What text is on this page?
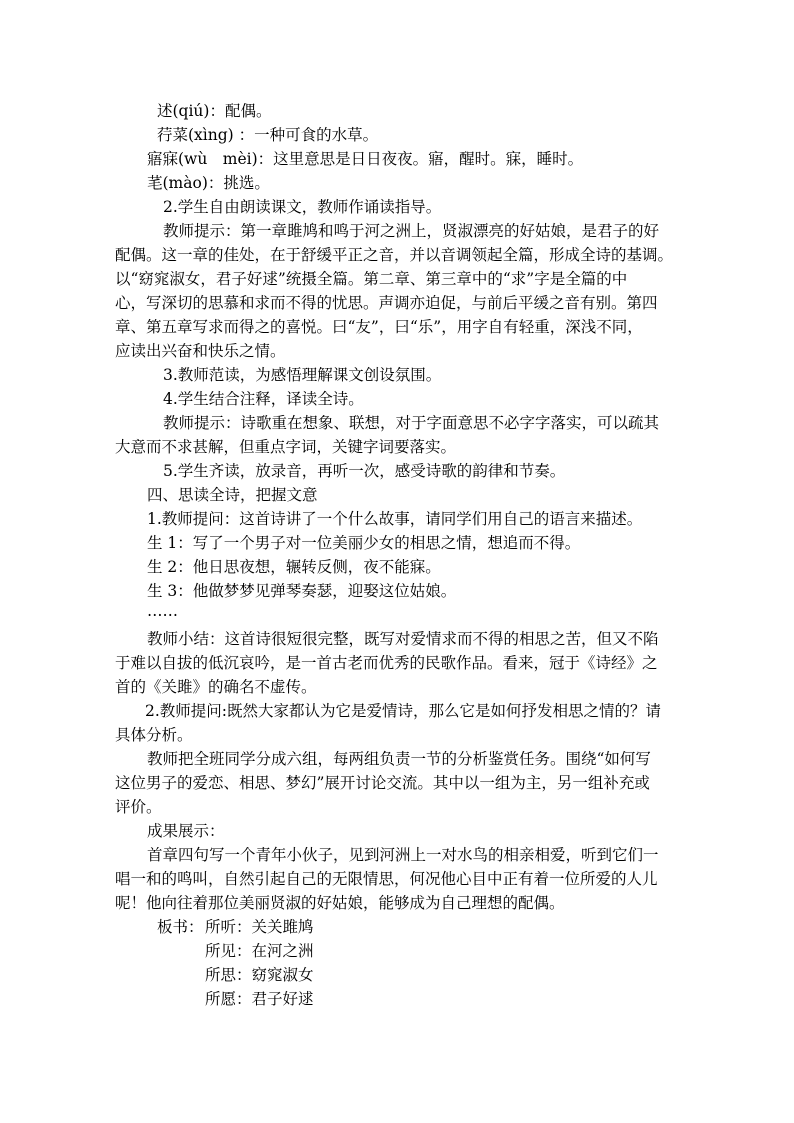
述(qiú)：配偶。
荇菜(xìng) ：一种可食的水草。
寤寐(wù　mèi)：这里意思是日日夜夜。寤，醒时。寐，睡时。
芼(mào)：挑选。
2.学生自由朗读课文，教师作诵读指导。
教师提示：第一章雎鸠和鸣于河之洲上，贤淑漂亮的好姑娘，是君子的好
配偶。这一章的佳处，在于舒缓平正之音，并以音调领起全篇，形成全诗的基调。
以“窈窕淑女，君子好逑”统摄全篇。第二章、第三章中的“求”字是全篇的中
心，写深切的思慕和求而不得的忧思。声调亦迫促，与前后平缓之音有别。第四
章、第五章写求而得之的喜悦。曰“友”，曰“乐”，用字自有轻重，深浅不同，
应读出兴奋和快乐之情。
3.教师范读，为感悟理解课文创设氛围。
4.学生结合注释，译读全诗。
教师提示：诗歌重在想象、联想，对于字面意思不必字字落实，可以疏其
大意而不求甚解，但重点字词，关键字词要落实。
5.学生齐读，放录音，再听一次，感受诗歌的韵律和节奏。
四、思读全诗，把握文意
1.教师提问：这首诗讲了一个什么故事，请同学们用自己的语言来描述。
生 1：写了一个男子对一位美丽少女的相思之情，想追而不得。
生 2：他日思夜想，辗转反侧，夜不能寐。
生 3：他做梦梦见弹琴奏瑟，迎娶这位姑娘。
……
教师小结：这首诗很短很完整，既写对爱情求而不得的相思之苦，但又不陷
于难以自拔的低沉哀吟，是一首古老而优秀的民歌作品。看来，冠于《诗经》之
首的《关雎》的确名不虚传。
2.教师提问:既然大家都认为它是爱情诗，那么它是如何抒发相思之情的？请
具体分析。
教师把全班同学分成六组，每两组负责一节的分析鉴赏任务。围绕“如何写
这位男子的爱恋、相思、梦幻”展开讨论交流。其中以一组为主，另一组补充或
评价。
成果展示：
首章四句写一个青年小伙子，见到河洲上一对水鸟的相亲相爱，听到它们一
唱一和的鸣叫，自然引起自己的无限情思，何况他心目中正有着一位所爱的人儿
呢！他向往着那位美丽贤淑的好姑娘，能够成为自己理想的配偶。
板书： 所听：关关雎鸠
所见：在河之洲
所思：窈窕淑女
所愿：君子好逑
